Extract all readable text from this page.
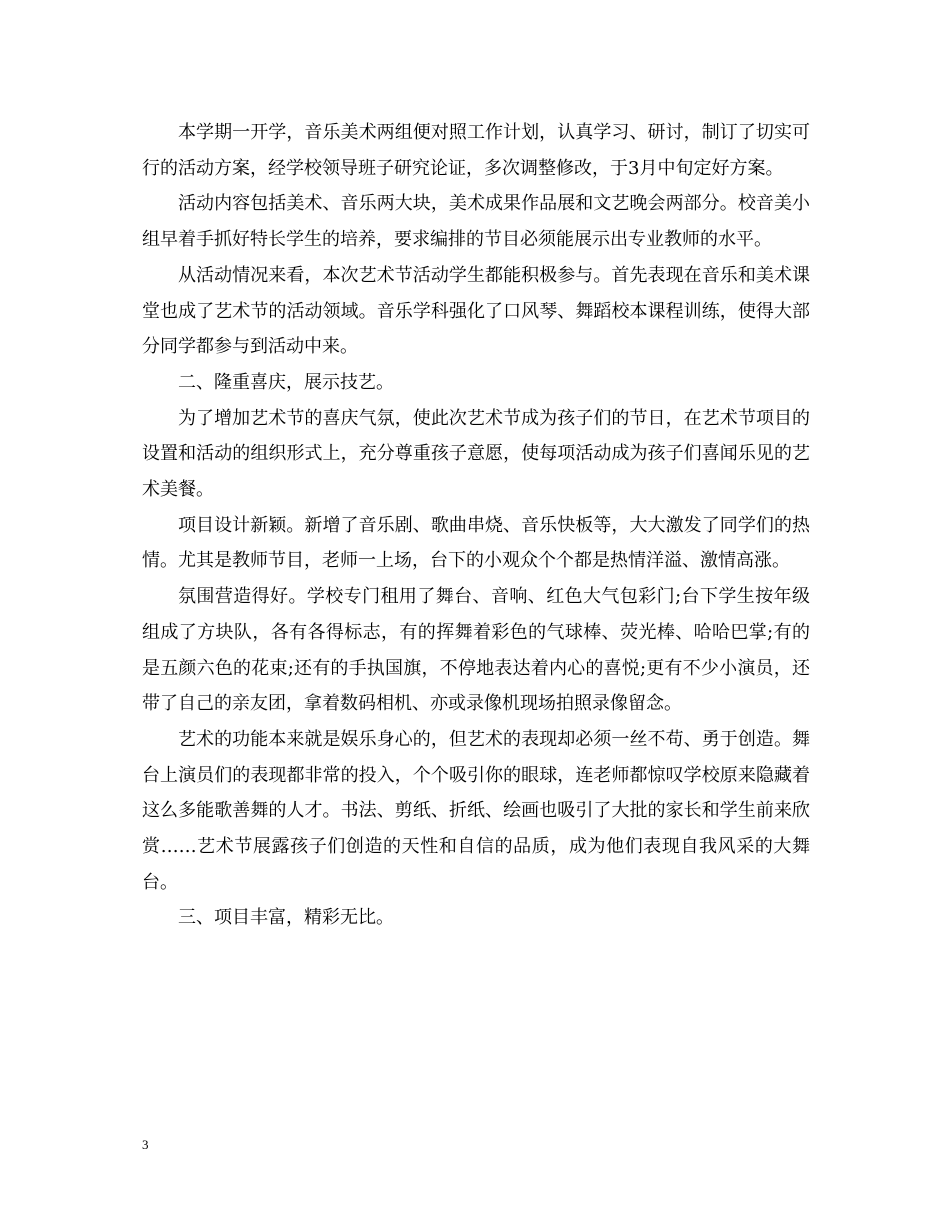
本学期一开学，音乐美术两组便对照工作计划，认真学习、研讨，制订了切实可行的活动方案，经学校领导班子研究论证，多次调整修改，于3月中旬定好方案。

活动内容包括美术、音乐两大块，美术成果作品展和文艺晚会两部分。校音美小组早着手抓好特长学生的培养，要求编排的节目必须能展示出专业教师的水平。

从活动情况来看，本次艺术节活动学生都能积极参与。首先表现在音乐和美术课堂也成了艺术节的活动领域。音乐学科强化了口风琴、舞蹈校本课程训练，使得大部分同学都参与到活动中来。

二、隆重喜庆，展示技艺。

为了增加艺术节的喜庆气氛，使此次艺术节成为孩子们的节日，在艺术节项目的设置和活动的组织形式上，充分尊重孩子意愿，使每项活动成为孩子们喜闻乐见的艺术美餐。

项目设计新颖。新增了音乐剧、歌曲串烧、音乐快板等，大大激发了同学们的热情。尤其是教师节目，老师一上场，台下的小观众个个都是热情洋溢、激情高涨。

氛围营造得好。学校专门租用了舞台、音响、红色大气包彩门;台下学生按年级组成了方块队，各有各得标志，有的挥舞着彩色的气球棒、荧光棒、哈哈巴掌;有的是五颜六色的花束;还有的手执国旗，不停地表达着内心的喜悦;更有不少小演员，还带了自己的亲友团，拿着数码相机、亦或录像机现场拍照录像留念。

艺术的功能本来就是娱乐身心的，但艺术的表现却必须一丝不苟、勇于创造。舞台上演员们的表现都非常的投入，个个吸引你的眼球，连老师都惊叹学校原来隐藏着这么多能歌善舞的人才。书法、剪纸、折纸、绘画也吸引了大批的家长和学生前来欣赏……艺术节展露孩子们创造的天性和自信的品质，成为他们表现自我风采的大舞台。

三、项目丰富，精彩无比。

3
